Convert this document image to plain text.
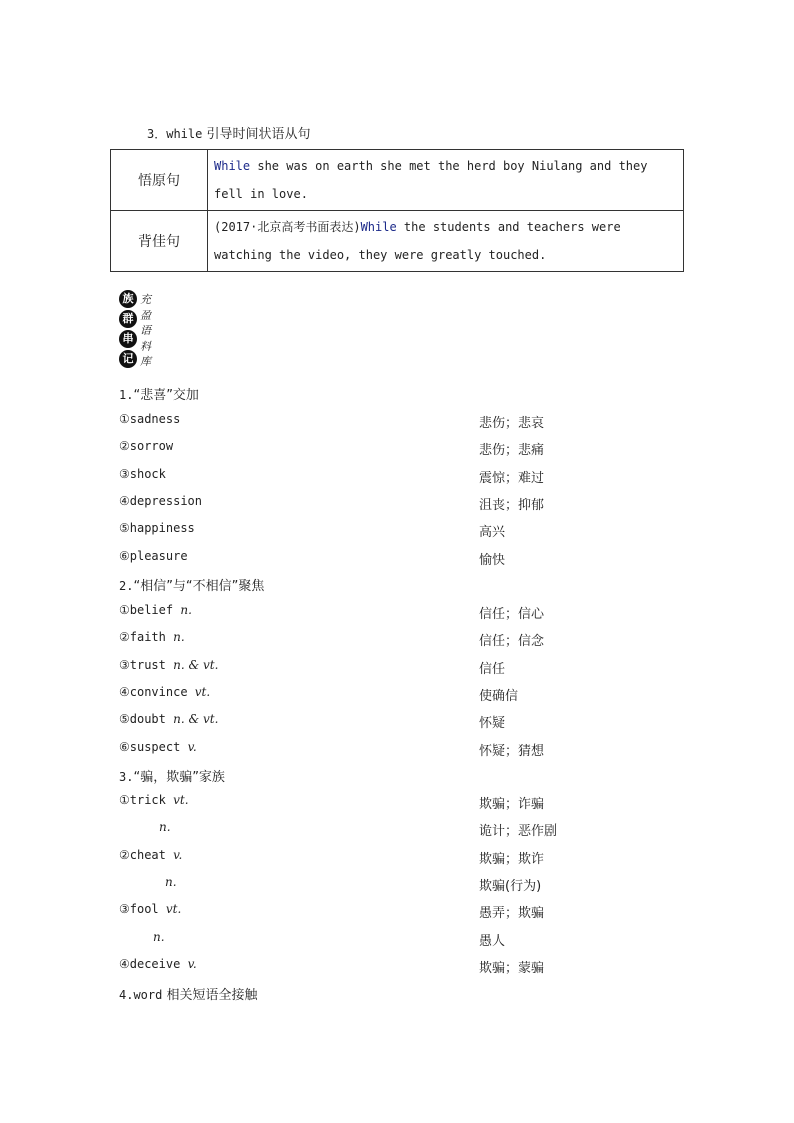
3．while 引导时间状语从句
悟原句	While she was on earth she met the herd boy Niulang and they fell in love.
背佳句	(2017·北京高考书面表达)While the students and teachers were watching the video, they were greatly touched.
族
群
串
记
充
盈
语
料
库
1.“悲喜”交加
①sadness	悲伤；悲哀
②sorrow	悲伤；悲痛
③shock	震惊；难过
④depression	沮丧；抑郁
⑤happiness	高兴
⑥pleasure	愉快
2.“相信”与“不相信”聚焦
①belief n.	信任；信心
②faith n.	信任；信念
③trust n. & vt.	信任
④convince vt.	使确信
⑤doubt n. & vt.	怀疑
⑥suspect v.	怀疑；猜想
3.“骗，欺骗”家族
①trick vt.	欺骗；诈骗
n.	诡计；恶作剧
②cheat v.	欺骗；欺诈
n.	欺骗(行为)
③fool vt.	愚弄；欺骗
n.	愚人
④deceive v.	欺骗；蒙骗
4.word 相关短语全接触
